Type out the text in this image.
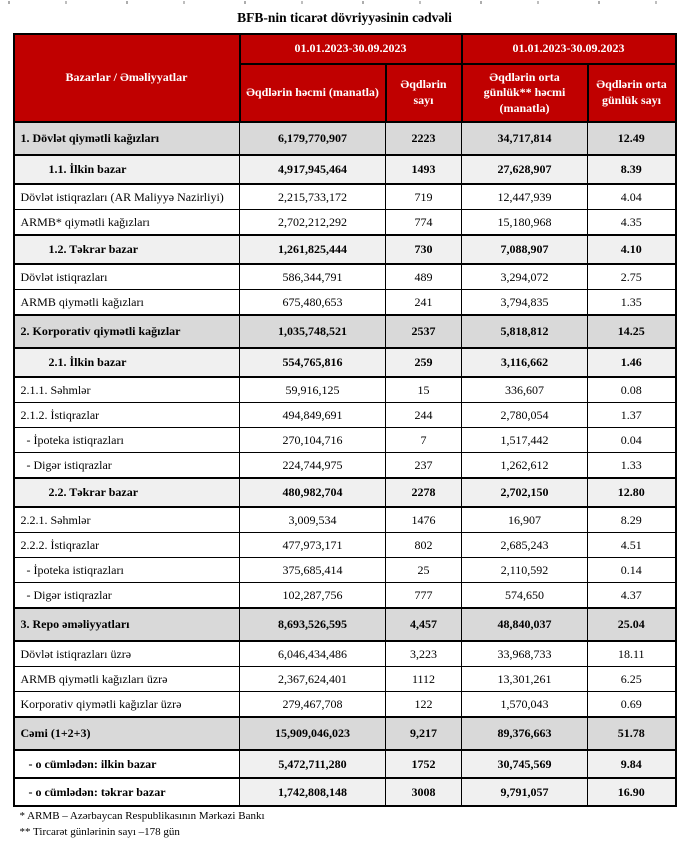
BFB-nin ticarət dövriyyəsinin cədvəli
Bazarlar / Əməliyyatlar	01.01.2023-30.09.2023		01.01.2023-30.09.2023	
	Əqdlərin həcmi (manatla)	Əqdlərin sayı	Əqdlərin orta günlük** həcmi (manatla)	Əqdlərin orta günlük sayı
1. Dövlət qiymətli kağızları	6,179,770,907	2223	34,717,814	12.49
1.1. İlkin bazar	4,917,945,464	1493	27,628,907	8.39
Dövlət istiqrazları (AR Maliyyə Nazirliyi)	2,215,733,172	719	12,447,939	4.04
ARMB* qiymətli kağızları	2,702,212,292	774	15,180,968	4.35
1.2. Təkrar bazar	1,261,825,444	730	7,088,907	4.10
Dövlət istiqrazları	586,344,791	489	3,294,072	2.75
ARMB qiymətli kağızları	675,480,653	241	3,794,835	1.35
2. Korporativ qiymətli kağızlar	1,035,748,521	2537	5,818,812	14.25
2.1. İlkin bazar	554,765,816	259	3,116,662	1.46
2.1.1. Səhmlər	59,916,125	15	336,607	0.08
2.1.2. İstiqrazlar	494,849,691	244	2,780,054	1.37
- İpoteka istiqrazları	270,104,716	7	1,517,442	0.04
- Digər istiqrazlar	224,744,975	237	1,262,612	1.33
2.2. Təkrar bazar	480,982,704	2278	2,702,150	12.80
2.2.1. Səhmlər	3,009,534	1476	16,907	8.29
2.2.2. İstiqrazlar	477,973,171	802	2,685,243	4.51
- İpoteka istiqrazları	375,685,414	25	2,110,592	0.14
- Digər istiqrazlar	102,287,756	777	574,650	4.37
3. Repo əməliyyatları	8,693,526,595	4,457	48,840,037	25.04
Dövlət istiqrazları üzrə	6,046,434,486	3,223	33,968,733	18.11
ARMB qiymətli kağızları üzrə	2,367,624,401	1112	13,301,261	6.25
Korporativ qiymətli kağızlar üzrə	279,467,708	122	1,570,043	0.69
Cəmi (1+2+3)	15,909,046,023	9,217	89,376,663	51.78
- o cümlədən: ilkin bazar	5,472,711,280	1752	30,745,569	9.84
- o cümlədən: təkrar bazar	1,742,808,148	3008	9,791,057	16.90
* ARMB – Azərbaycan Respublikasının Mərkəzi Bankı
** Tircarət günlərinin sayı –178 gün
